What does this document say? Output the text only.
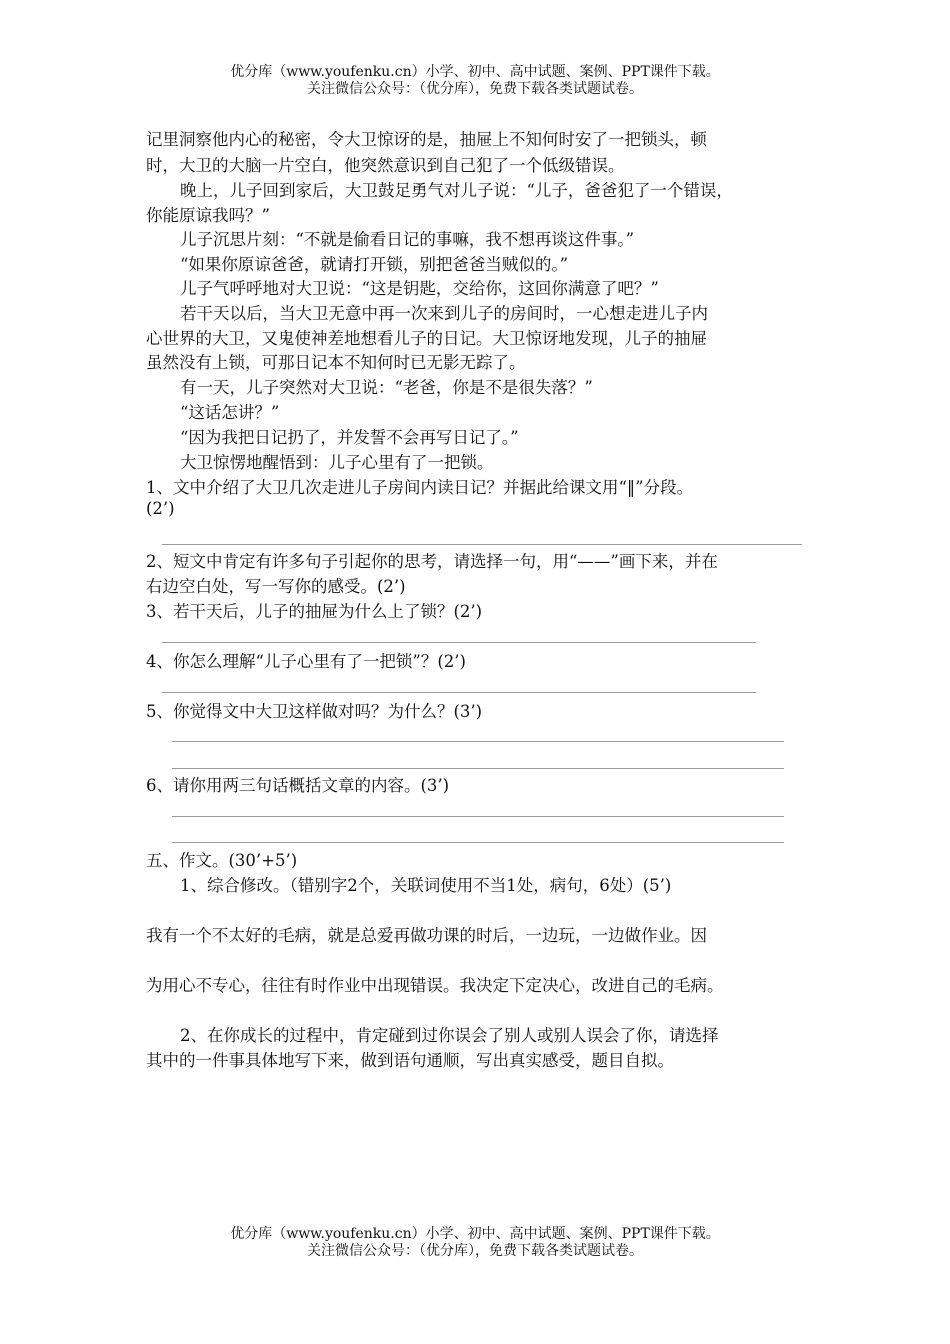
优分库（www.youfenku.cn）小学、初中、高中试题、案例、PPT课件下载。
关注微信公众号：（优分库），免费下载各类试题试卷。
记里洞察他内心的秘密，令大卫惊讶的是，抽屉上不知何时安了一把锁头，顿
时，大卫的大脑一片空白，他突然意识到自己犯了一个低级错误。
晚上，儿子回到家后，大卫鼓足勇气对儿子说：“儿子，爸爸犯了一个错误，
你能原谅我吗？”
儿子沉思片刻：“不就是偷看日记的事嘛，我不想再谈这件事。”
“如果你原谅爸爸，就请打开锁，别把爸爸当贼似的。”
儿子气呼呼地对大卫说：“这是钥匙，交给你，这回你满意了吧？”
若干天以后，当大卫无意中再一次来到儿子的房间时，一心想走进儿子内
心世界的大卫，又鬼使神差地想看儿子的日记。大卫惊讶地发现，儿子的抽屉
虽然没有上锁，可那日记本不知何时已无影无踪了。
有一天，儿子突然对大卫说：“老爸，你是不是很失落？”
“这话怎讲？”
“因为我把日记扔了，并发誓不会再写日记了。”
大卫惊愣地醒悟到：儿子心里有了一把锁。
1、文中介绍了大卫几次走进儿子房间内读日记？并据此给课文用“‖”分段。
(2’)
2、短文中肯定有许多句子引起你的思考，请选择一句，用“——”画下来，并在
右边空白处，写一写你的感受。(2’)
3、若干天后，儿子的抽屉为什么上了锁？(2’)
4、你怎么理解“儿子心里有了一把锁”？(2’)
5、你觉得文中大卫这样做对吗？为什么？(3’)
6、请你用两三句话概括文章的内容。(3’)
五、作文。(30’+5’)
1、综合修改。（错别字2个，关联词使用不当1处，病句，6处）(5’)
我有一个不太好的毛病，就是总爱再做功课的时后，一边玩，一边做作业。因
为用心不专心，往往有时作业中出现错误。我决定下定决心，改进自己的毛病。
2、在你成长的过程中，肯定碰到过你误会了别人或别人误会了你，请选择
其中的一件事具体地写下来，做到语句通顺，写出真实感受，题目自拟。
优分库（www.youfenku.cn）小学、初中、高中试题、案例、PPT课件下载。
关注微信公众号：（优分库），免费下载各类试题试卷。
